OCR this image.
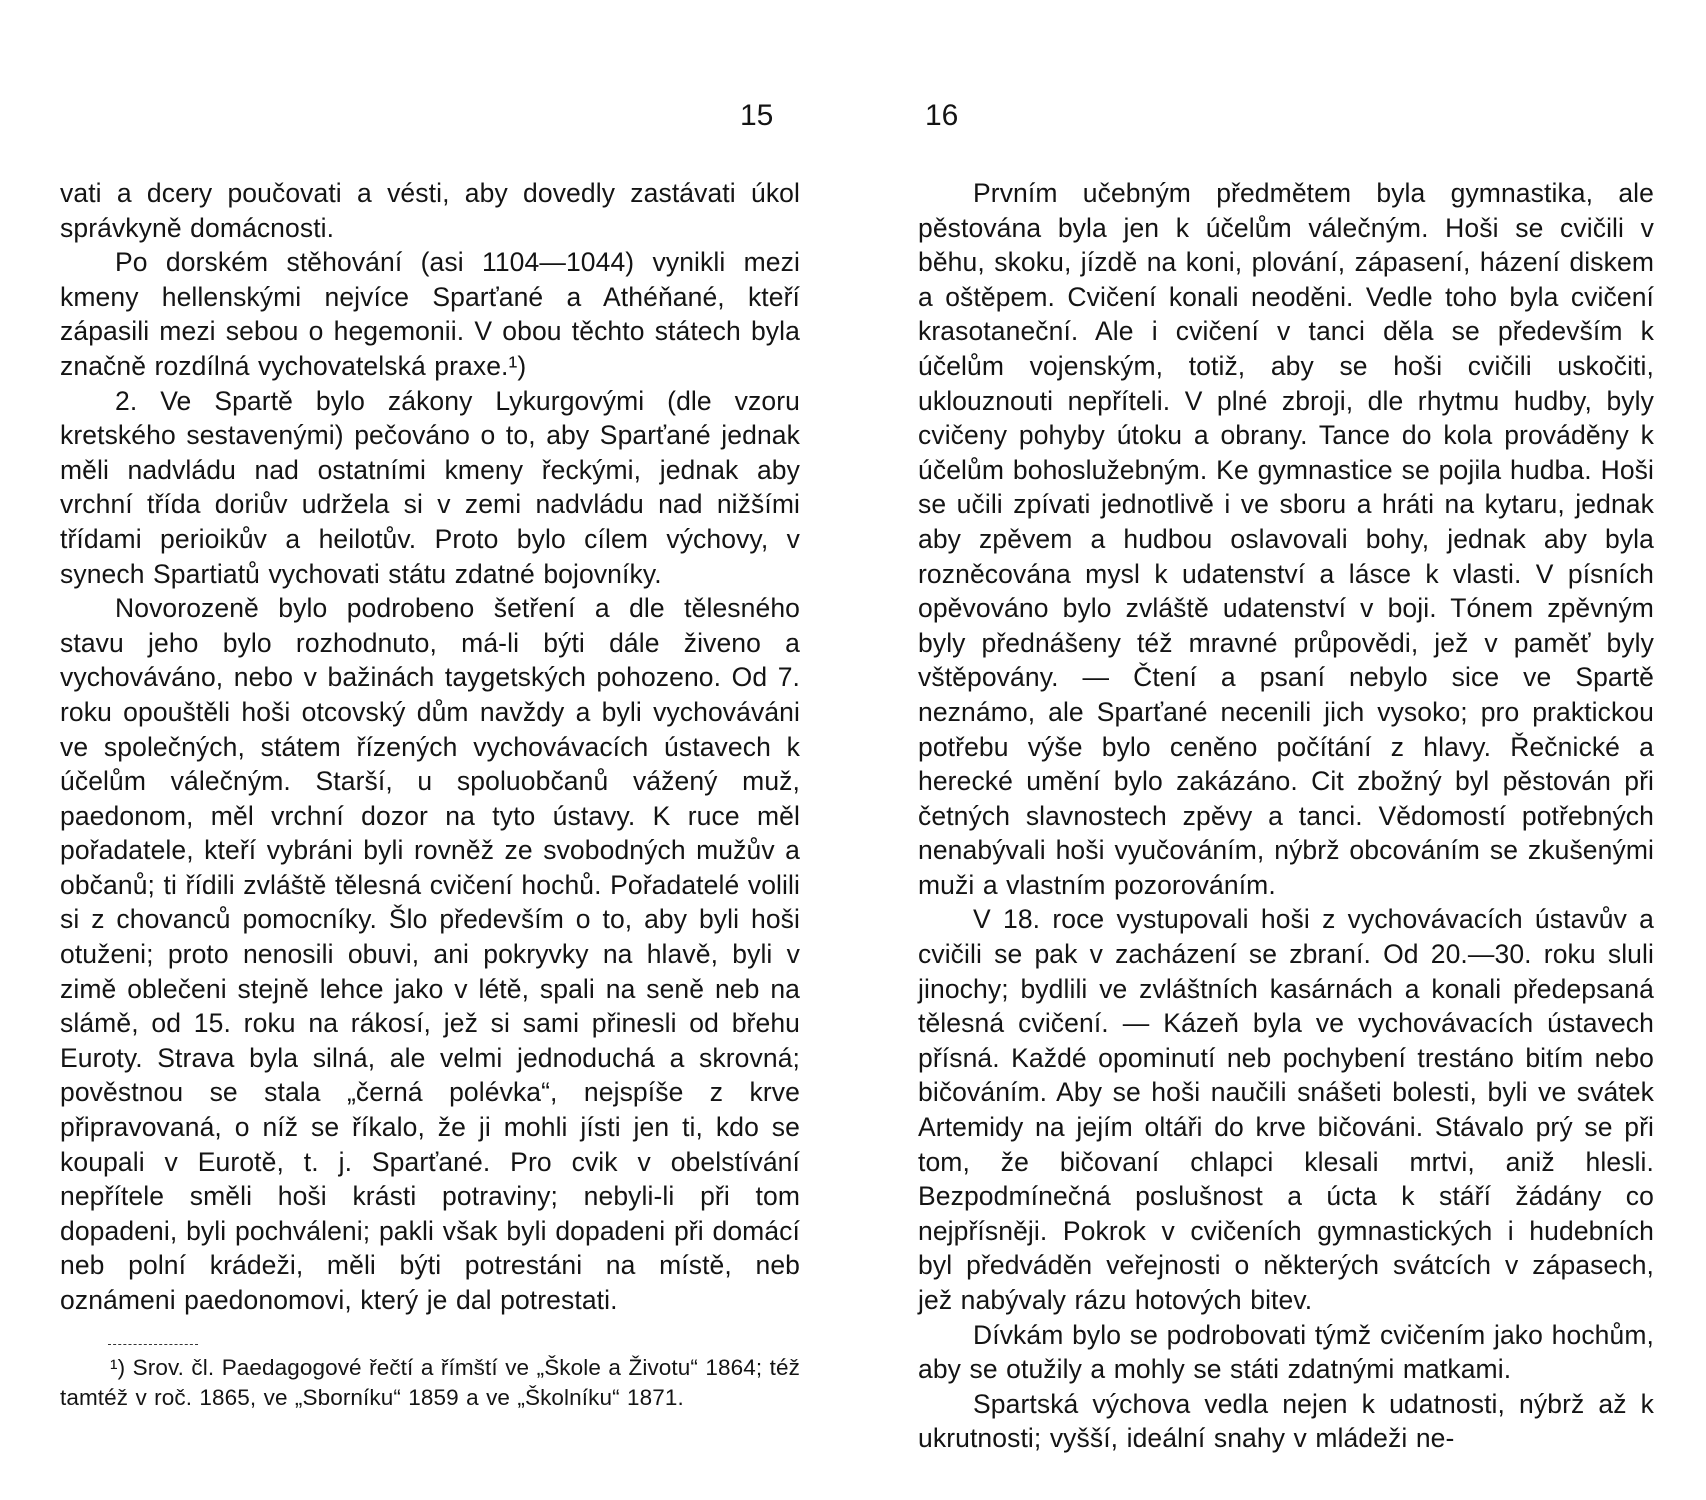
15	16

vati a dcery poučovati a vésti, aby dovedly zastávati úkol správkyně domácnosti.

Po dorském stěhování (asi 1104—1044) vynikli mezi kmeny hellenskými nejvíce Sparťané a Athéňané, kteří zápasili mezi sebou o hegemonii. V obou těchto státech byla značně rozdílná vychovatelská praxe.¹)

2. Ve Spartě bylo zákony Lykurgovými (dle vzoru kretského sestavenými) pečováno o to, aby Sparťané jednak měli nadvládu nad ostatními kmeny řeckými, jednak aby vrchní třída doriův udržela si v zemi nadvládu nad nižšími třídami perioikův a heilotův. Proto bylo cílem výchovy, v synech Spartiatů vychovati státu zdatné bojovníky.

Novorozeně bylo podrobeno šetření a dle tělesného stavu jeho bylo rozhodnuto, má-li býti dále živeno a vychováváno, nebo v bažinách taygetských pohozeno. Od 7. roku opouštěli hoši otcovský dům navždy a byli vychováváni ve společných, státem řízených vychovávacích ústavech k účelům válečným. Starší, u spoluobčanů vážený muž, paedonom, měl vrchní dozor na tyto ústavy. K ruce měl pořadatele, kteří vybráni byli rovněž ze svobodných mužův a občanů; ti řídili zvláště tělesná cvičení hochů. Pořadatelé volili si z chovanců pomocníky. Šlo především o to, aby byli hoši otuženi; proto nenosili obuvi, ani pokryvky na hlavě, byli v zimě oblečeni stejně lehce jako v létě, spali na seně neb na slámě, od 15. roku na rákosí, jež si sami přinesli od břehu Euroty. Strava byla silná, ale velmi jednoduchá a skrovná; pověstnou se stala „černá polévka“, nejspíše z krve připravovaná, o níž se říkalo, že ji mohli jísti jen ti, kdo se koupali v Eurotě, t. j. Sparťané. Pro cvik v obelstívání nepřítele směli hoši krásti potraviny; nebyli-li při tom dopadeni, byli pochváleni; pakli však byli dopadeni při domácí neb polní krádeži, měli býti potrestáni na místě, neb oznámeni paedonomovi, který je dal potrestati.

¹) Srov. čl. Paedagogové řečtí a římští ve „Škole a Životu“ 1864; též tamtéž v roč. 1865, ve „Sborníku“ 1859 a ve „Školníku“ 1871.

Prvním učebným předmětem byla gymnastika, ale pěstována byla jen k účelům válečným. Hoši se cvičili v běhu, skoku, jízdě na koni, plování, zápasení, házení diskem a oštěpem. Cvičení konali neoděni. Vedle toho byla cvičení krasotaneční. Ale i cvičení v tanci děla se především k účelům vojenským, totiž, aby se hoši cvičili uskočiti, uklouznouti nepříteli. V plné zbroji, dle rhytmu hudby, byly cvičeny pohyby útoku a obrany. Tance do kola prováděny k účelům bohoslužebným. Ke gymnastice se pojila hudba. Hoši se učili zpívati jednotlivě i ve sboru a hráti na kytaru, jednak aby zpěvem a hudbou oslavovali bohy, jednak aby byla rozněcována mysl k udatenství a lásce k vlasti. V písních opěvováno bylo zvláště udatenství v boji. Tónem zpěvným byly přednášeny též mravné průpovědi, jež v paměť byly vštěpovány. — Čtení a psaní nebylo sice ve Spartě neznámo, ale Sparťané necenili jich vysoko; pro praktickou potřebu výše bylo ceněno počítání z hlavy. Řečnické a herecké umění bylo zakázáno. Cit zbožný byl pěstován při četných slavnostech zpěvy a tanci. Vědomostí potřebných nenabývali hoši vyučováním, nýbrž obcováním se zkušenými muži a vlastním pozorováním.

V 18. roce vystupovali hoši z vychovávacích ústavův a cvičili se pak v zacházení se zbraní. Od 20.—30. roku sluli jinochy; bydlili ve zvláštních kasárnách a konali předepsaná tělesná cvičení. — Kázeň byla ve vychovávacích ústavech přísná. Každé opominutí neb pochybení trestáno bitím nebo bičováním. Aby se hoši naučili snášeti bolesti, byli ve svátek Artemidy na jejím oltáři do krve bičováni. Stávalo prý se při tom, že bičovaní chlapci klesali mrtvi, aniž hlesli. Bezpodmínečná poslušnost a úcta k stáří žádány co nejpřísněji. Pokrok v cvičeních gymnastických i hudebních byl předváděn veřejnosti o některých svátcích v zápasech, jež nabývaly rázu hotových bitev.

Dívkám bylo se podrobovati týmž cvičením jako hochům, aby se otužily a mohly se státi zdatnými matkami.

Spartská výchova vedla nejen k udatnosti, nýbrž až k ukrutnosti; vyšší, ideální snahy v mládeži ne-
